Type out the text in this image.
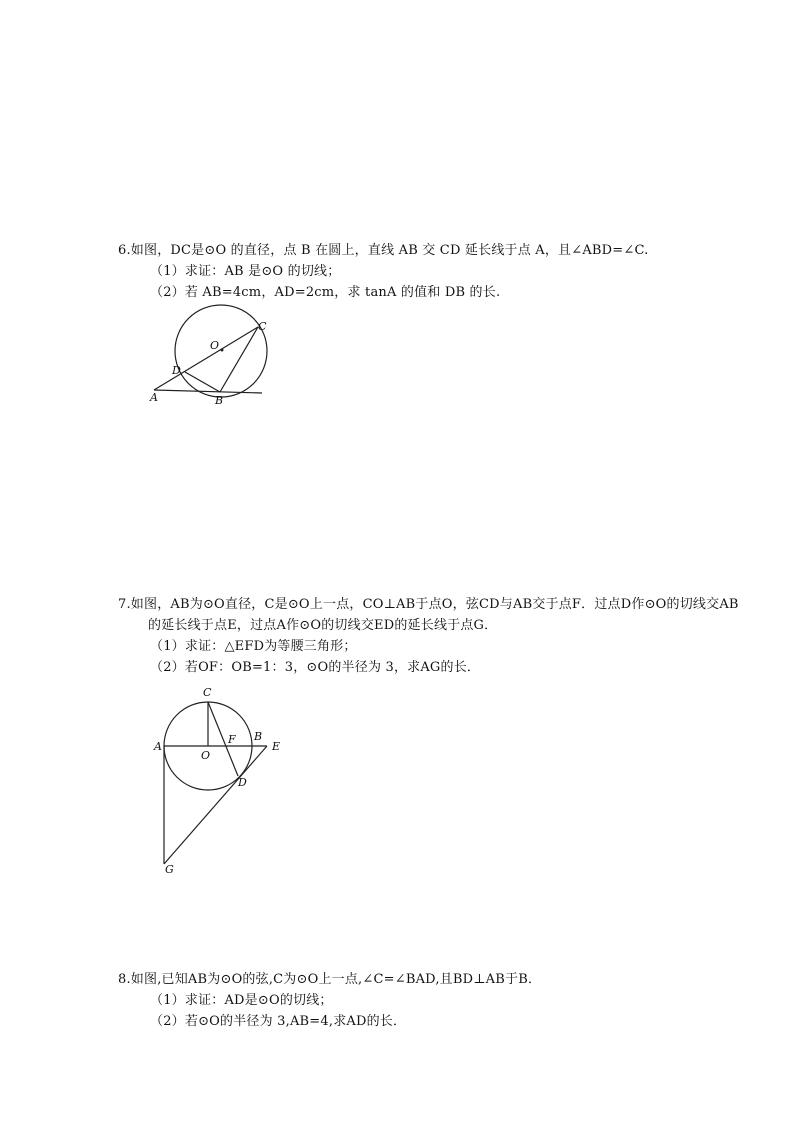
6.如图，DC是⊙O 的直径，点 B 在圆上，直线 AB 交 CD 延长线于点 A，且∠ABD=∠C.
（1）求证：AB 是⊙O 的切线；
（2）若 AB=4cm，AD=2cm，求 tanA 的值和 DB 的长.
C
O
D
A	B
7.如图，AB为⊙O直径，C是⊙O上一点，CO⊥AB于点O，弦CD与AB交于点F．过点D作⊙O的切线交AB
的延长线于点E，过点A作⊙O的切线交ED的延长线于点G．
（1）求证：△EFD为等腰三角形；
（2）若OF：OB=1：3，⊙O的半径为 3，求AG的长．
C
A
O
F B
E
D
G
8.如图,已知AB为⊙O的弦,C为⊙O上一点,∠C=∠BAD,且BD⊥AB于B．
（1）求证：AD是⊙O的切线；
（2）若⊙O的半径为 3,AB=4,求AD的长．
